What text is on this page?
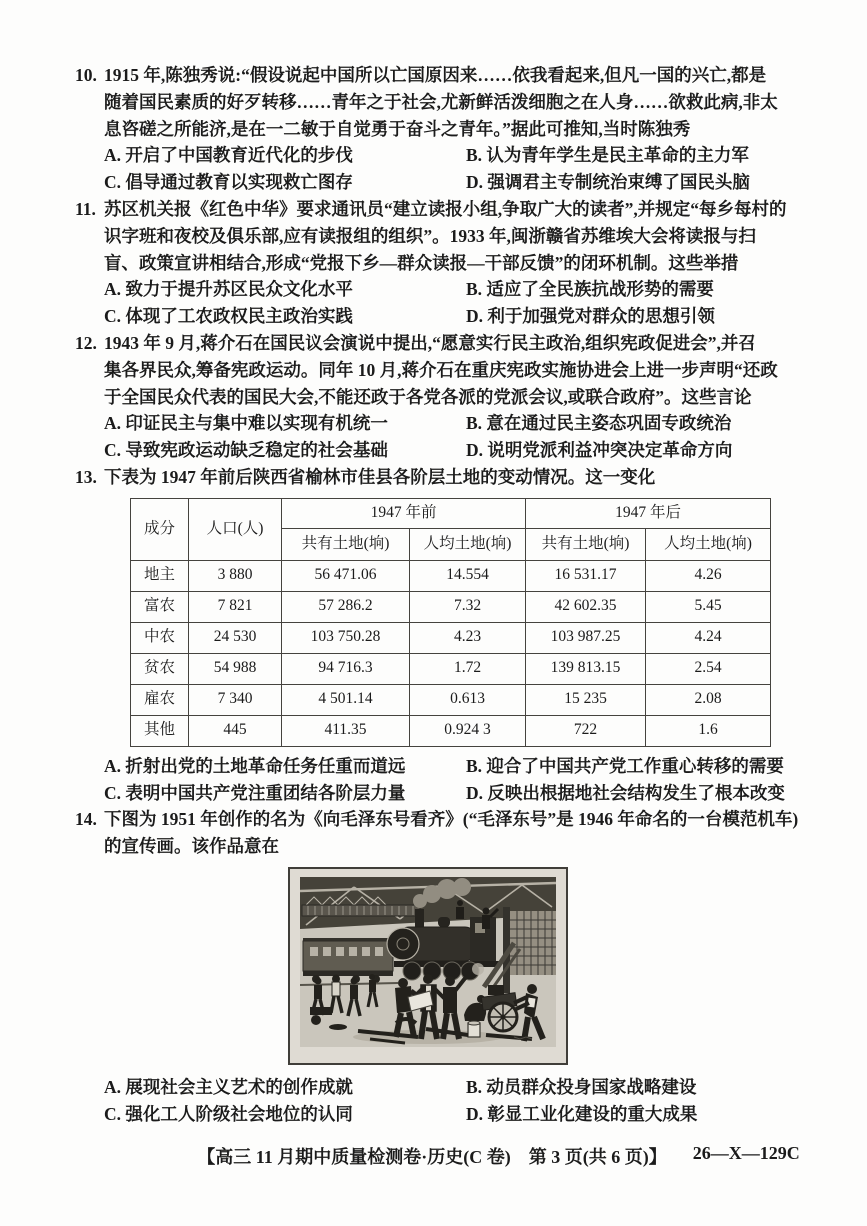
10. 1915 年,陈独秀说:“假设说起中国所以亡国原因来……依我看起来,但凡一国的兴亡,都是
随着国民素质的好歹转移……青年之于社会,尤新鲜活泼细胞之在人身……欲救此病,非太
息咨磋之所能济,是在一二敏于自觉勇于奋斗之青年。”据此可推知,当时陈独秀
A. 开启了中国教育近代化的步伐	B. 认为青年学生是民主革命的主力军
C. 倡导通过教育以实现救亡图存	D. 强调君主专制统治束缚了国民头脑
11. 苏区机关报《红色中华》要求通讯员“建立读报小组,争取广大的读者”,并规定“每乡每村的
识字班和夜校及俱乐部,应有读报组的组织”。1933 年,闽浙赣省苏维埃大会将读报与扫
盲、政策宣讲相结合,形成“党报下乡—群众读报—干部反馈”的闭环机制。这些举措
A. 致力于提升苏区民众文化水平	B. 适应了全民族抗战形势的需要
C. 体现了工农政权民主政治实践	D. 利于加强党对群众的思想引领
12. 1943 年 9 月,蒋介石在国民议会演说中提出,“愿意实行民主政治,组织宪政促进会”,并召
集各界民众,筹备宪政运动。同年 10 月,蒋介石在重庆宪政实施协进会上进一步声明“还政
于全国民众代表的国民大会,不能还政于各党各派的党派会议,或联合政府”。这些言论
A. 印证民主与集中难以实现有机统一	B. 意在通过民主姿态巩固专政统治
C. 导致宪政运动缺乏稳定的社会基础	D. 说明党派利益冲突决定革命方向
13. 下表为 1947 年前后陕西省榆林市佳县各阶层土地的变动情况。这一变化
成分	人口(人)	1947 年前		1947 年后	
		共有土地(垧)	人均土地(垧)	共有土地(垧)	人均土地(垧)
地主	3 880	56 471.06	14.554	16 531.17	4.26
富农	7 821	57 286.2	7.32	42 602.35	5.45
中农	24 530	103 750.28	4.23	103 987.25	4.24
贫农	54 988	94 716.3	1.72	139 813.15	2.54
雇农	7 340	4 501.14	0.613	15 235	2.08
其他	445	411.35	0.924 3	722	1.6
A. 折射出党的土地革命任务任重而道远	B. 迎合了中国共产党工作重心转移的需要
C. 表明中国共产党注重团结各阶层力量	D. 反映出根据地社会结构发生了根本改变
14. 下图为 1951 年创作的名为《向毛泽东号看齐》(“毛泽东号”是 1946 年命名的一台模范机车)
的宣传画。该作品意在
A. 展现社会主义艺术的创作成就	B. 动员群众投身国家战略建设
C. 强化工人阶级社会地位的认同	D. 彰显工业化建设的重大成果
【高三 11 月期中质量检测卷·历史(C 卷)　第 3 页(共 6 页)】 26—X—129C
